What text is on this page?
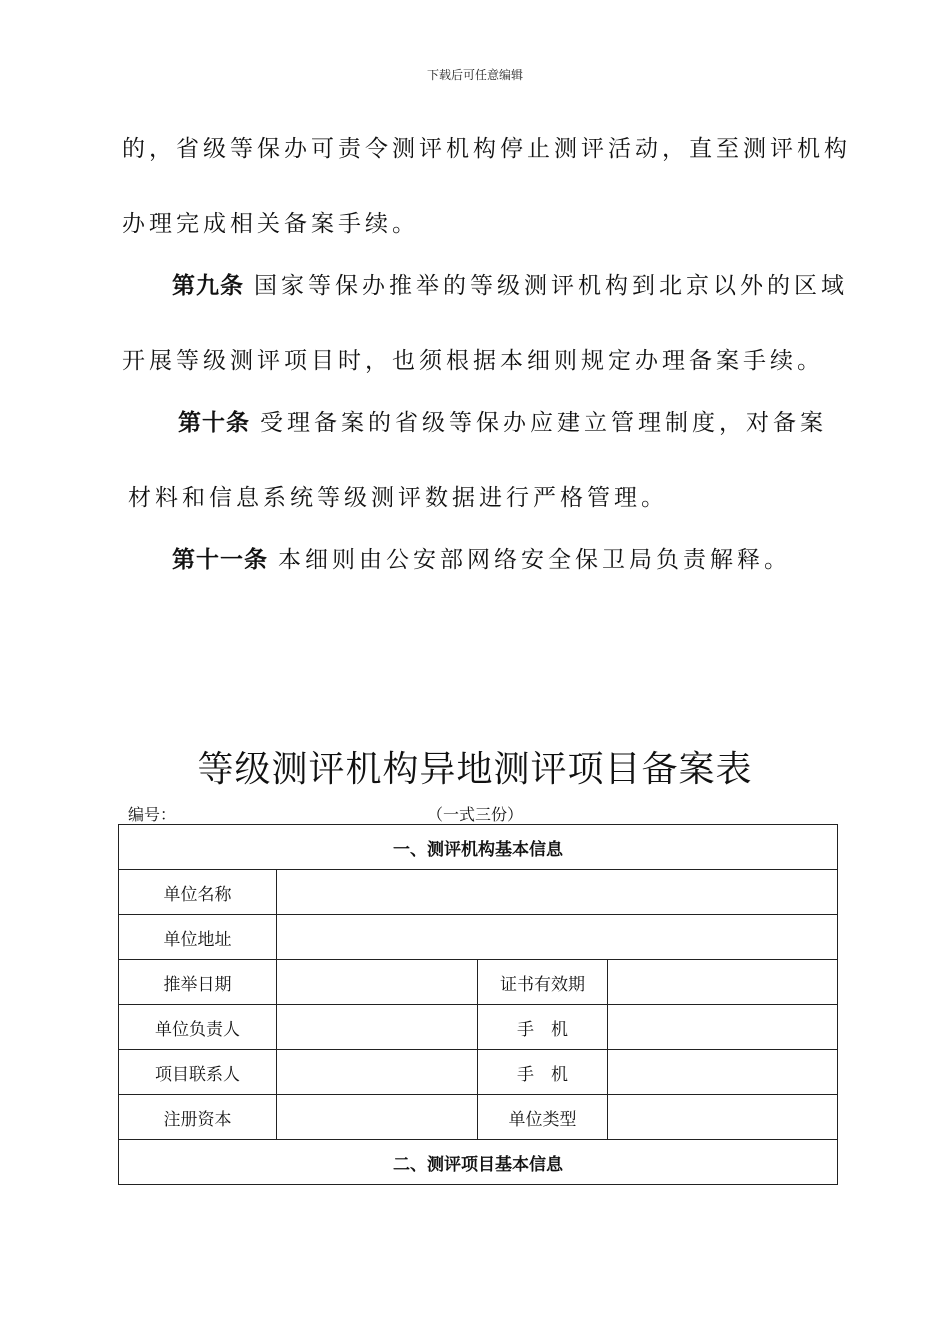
下载后可任意编辑
的，省级等保办可责令测评机构停止测评活动，直至测评机构
办理完成相关备案手续。
第九条 国家等保办推举的等级测评机构到北京以外的区域
开展等级测评项目时，也须根据本细则规定办理备案手续。
第十条 受理备案的省级等保办应建立管理制度，对备案
材料和信息系统等级测评数据进行严格管理。
第十一条 本细则由公安部网络安全保卫局负责解释。
等级测评机构异地测评项目备案表
编号：	（一式三份）
一、测评机构基本信息			
单位名称			
单位地址			
推举日期		证书有效期	
单位负责人		手　机	
项目联系人		手　机	
注册资本		单位类型	
二、测评项目基本信息			
